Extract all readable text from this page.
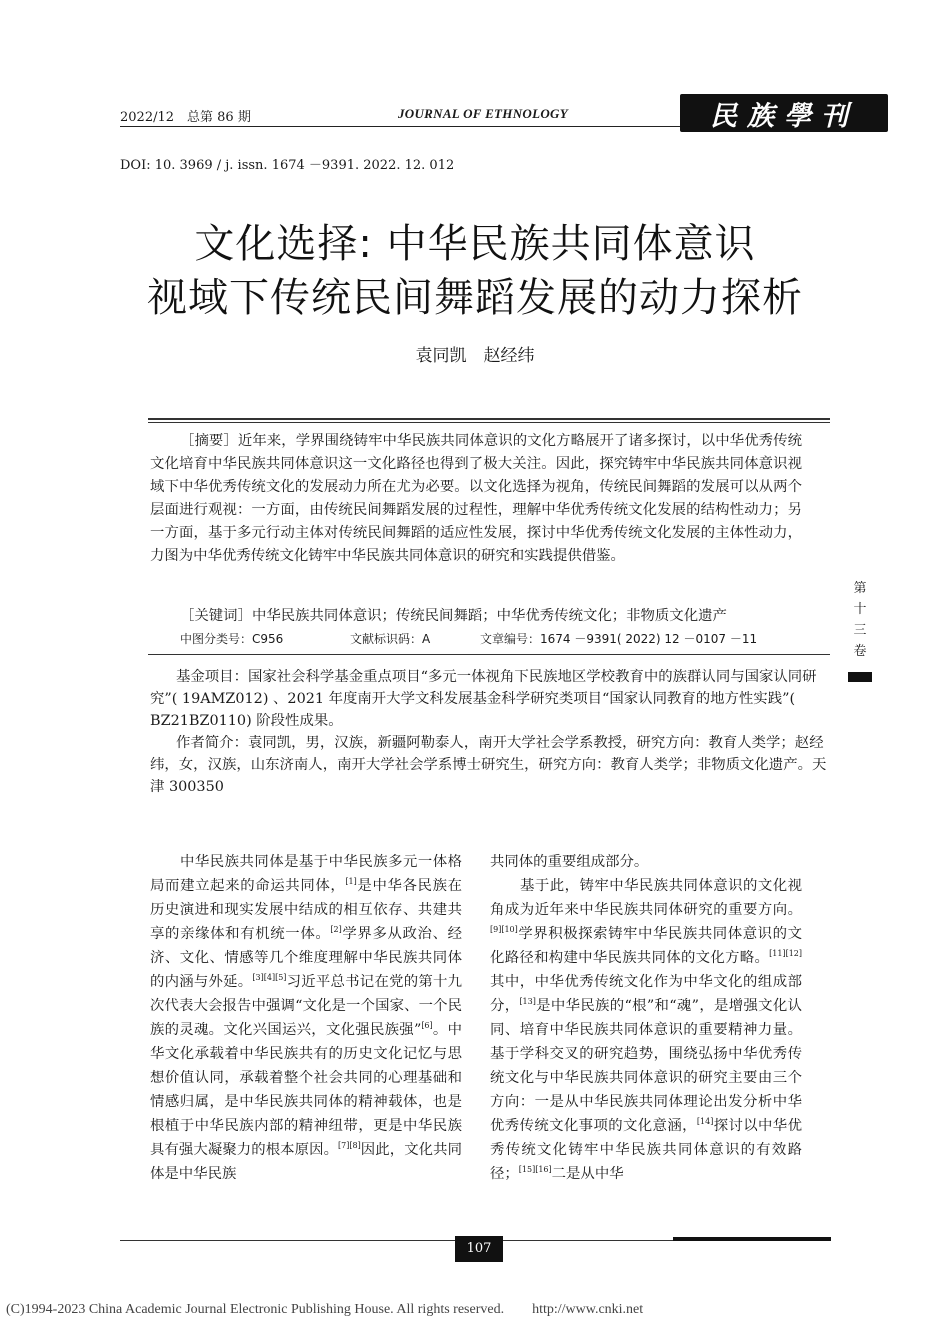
2022/12　总第 86 期	JOURNAL OF ETHNOLOGY	民族學刊
DOI: 10. 3969 / j. issn. 1674 －9391. 2022. 12. 012
文化选择: 中华民族共同体意识
视域下传统民间舞蹈发展的动力探析
袁同凯　赵经纬

［摘要］近年来，学界围绕铸牢中华民族共同体意识的文化方略展开了诸多探讨，以中华优秀传统文化培育中华民族共同体意识这一文化路径也得到了极大关注。因此，探究铸牢中华民族共同体意识视域下中华优秀传统文化的发展动力所在尤为必要。以文化选择为视角，传统民间舞蹈的发展可以从两个层面进行观视：一方面，由传统民间舞蹈发展的过程性，理解中华优秀传统文化发展的结构性动力；另一方面，基于多元行动主体对传统民间舞蹈的适应性发展，探讨中华优秀传统文化发展的主体性动力，力图为中华优秀传统文化铸牢中华民族共同体意识的研究和实践提供借鉴。

［关键词］中华民族共同体意识；传统民间舞蹈；中华优秀传统文化；非物质文化遗产
中图分类号：C956	文献标识码：A	文章编号：1674 －9391( 2022) 12 －0107 －11
第
十
三
卷

基金项目：国家社会科学基金重点项目“多元一体视角下民族地区学校教育中的族群认同与国家认同研究”( 19AMZ012) 、2021 年度南开大学文科发展基金科学研究类项目“国家认同教育的地方性实践”( BZ21BZ0110) 阶段性成果。

作者简介：袁同凯，男，汉族，新疆阿勒泰人，南开大学社会学系教授，研究方向：教育人类学；赵经纬，女，汉族，山东济南人，南开大学社会学系博士研究生，研究方向：教育人类学；非物质文化遗产。天津 300350

中华民族共同体是基于中华民族多元一体格局而建立起来的命运共同体，[1]是中华各民族在历史演进和现实发展中结成的相互依存、共建共享的亲缘体和有机统一体。[2]学界多从政治、经济、文化、情感等几个维度理解中华民族共同体的内涵与外延。[3][4][5]习近平总书记在党的第十九次代表大会报告中强调“文化是一个国家、一个民族的灵魂。文化兴国运兴，文化强民族强”[6]。中华文化承载着中华民族共有的历史文化记忆与思想价值认同，承载着整个社会共同的心理基础和情感归属，是中华民族共同体的精神载体，也是根植于中华民族内部的精神纽带，更是中华民族具有强大凝聚力的根本原因。[7][8]因此，文化共同体是中华民族

共同体的重要组成部分。

基于此，铸牢中华民族共同体意识的文化视角成为近年来中华民族共同体研究的重要方向。[9][10]学界积极探索铸牢中华民族共同体意识的文化路径和构建中华民族共同体的文化方略。[11][12]其中，中华优秀传统文化作为中华文化的组成部分，[13]是中华民族的“根”和“魂”，是增强文化认同、培育中华民族共同体意识的重要精神力量。基于学科交叉的研究趋势，围绕弘扬中华优秀传统文化与中华民族共同体意识的研究主要由三个方向：一是从中华民族共同体理论出发分析中华优秀传统文化事项的文化意涵，[14]探讨以中华优秀传统文化铸牢中华民族共同体意识的有效路径；[15][16]二是从中华

107
(C)1994-2023 China Academic Journal Electronic Publishing House. All rights reserved.　　http://www.cnki.net
